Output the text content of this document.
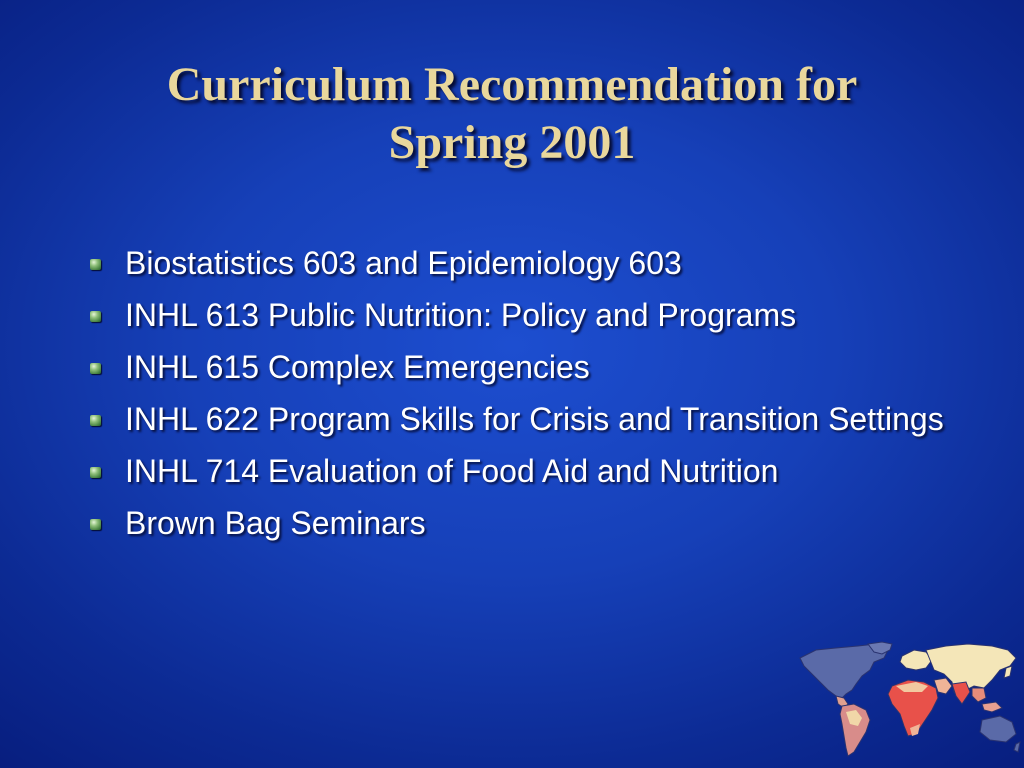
Curriculum Recommendation for
Spring 2001
Biostatistics 603 and Epidemiology 603
INHL 613 Public Nutrition: Policy and Programs
INHL 615 Complex Emergencies
INHL 622 Program Skills for Crisis and Transition Settings
INHL 714 Evaluation of Food Aid and Nutrition
Brown Bag Seminars
